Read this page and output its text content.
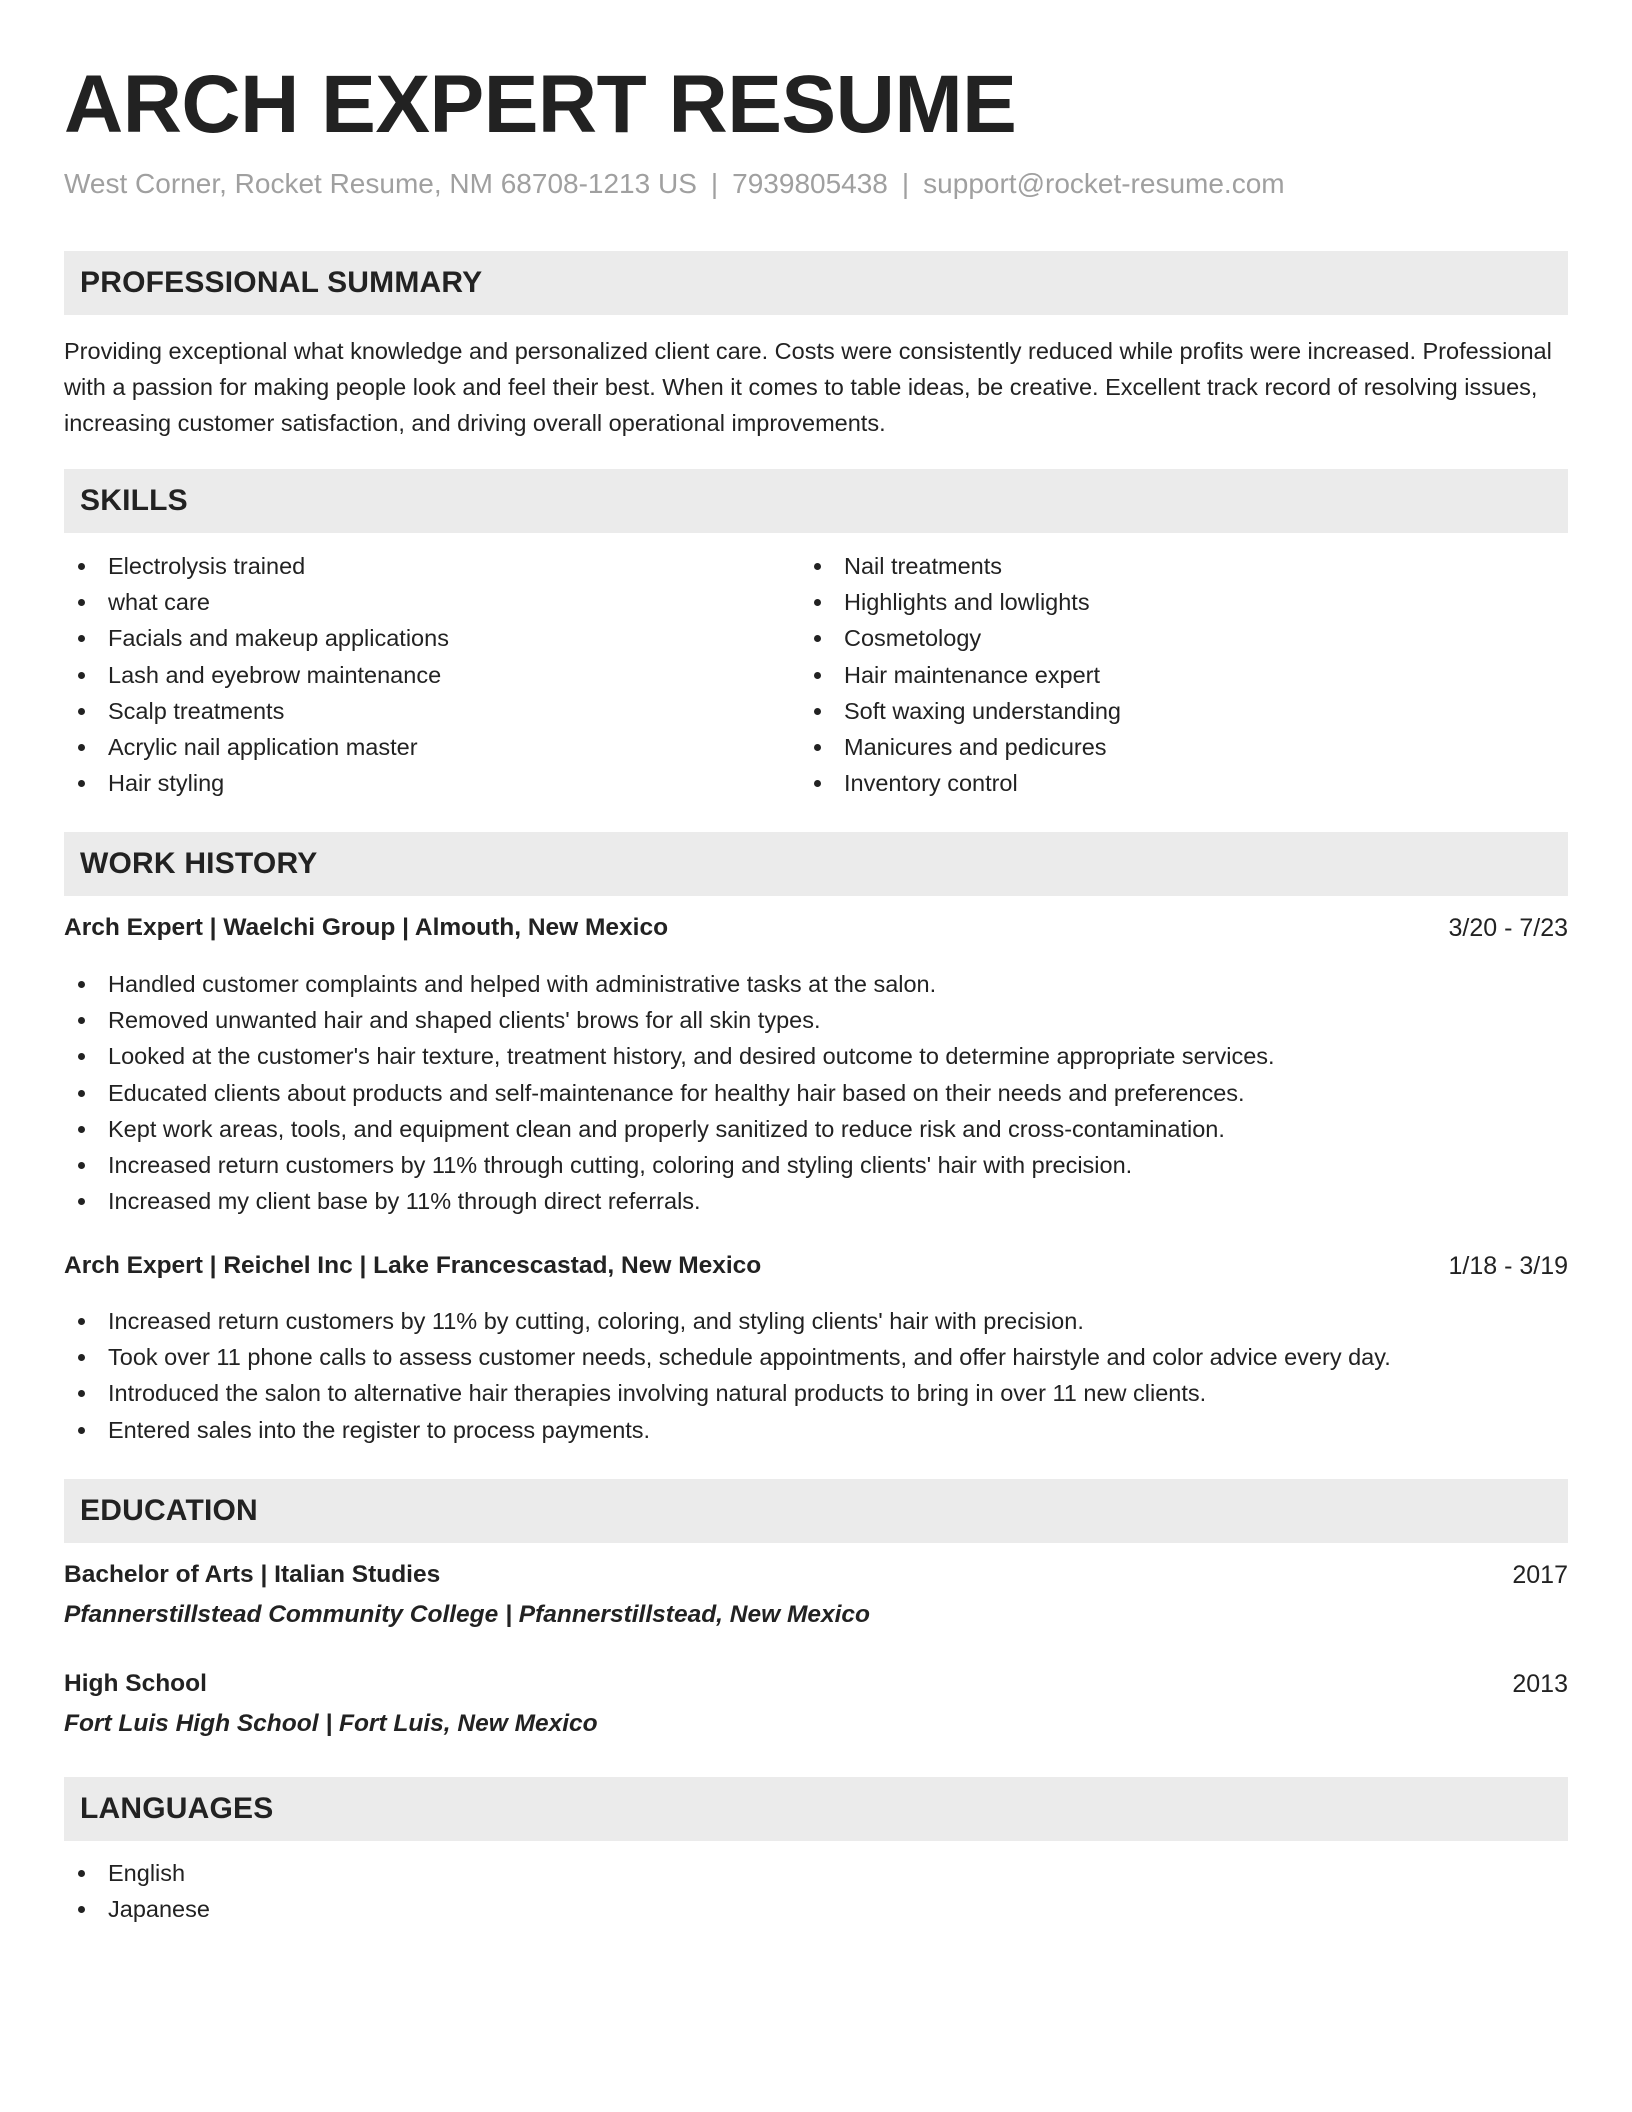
ARCH EXPERT RESUME
West Corner, Rocket Resume, NM 68708-1213 US | 7939805438 | support@rocket-resume.com
PROFESSIONAL SUMMARY
Providing exceptional what knowledge and personalized client care. Costs were consistently reduced while profits were increased. Professional with a passion for making people look and feel their best. When it comes to table ideas, be creative. Excellent track record of resolving issues, increasing customer satisfaction, and driving overall operational improvements.
SKILLS
Electrolysis trained
what care
Facials and makeup applications
Lash and eyebrow maintenance
Scalp treatments
Acrylic nail application master
Hair styling
Nail treatments
Highlights and lowlights
Cosmetology
Hair maintenance expert
Soft waxing understanding
Manicures and pedicures
Inventory control
WORK HISTORY
Arch Expert | Waelchi Group | Almouth, New Mexico	3/20 - 7/23
Handled customer complaints and helped with administrative tasks at the salon.
Removed unwanted hair and shaped clients' brows for all skin types.
Looked at the customer's hair texture, treatment history, and desired outcome to determine appropriate services.
Educated clients about products and self-maintenance for healthy hair based on their needs and preferences.
Kept work areas, tools, and equipment clean and properly sanitized to reduce risk and cross-contamination.
Increased return customers by 11% through cutting, coloring and styling clients' hair with precision.
Increased my client base by 11% through direct referrals.
Arch Expert | Reichel Inc | Lake Francescastad, New Mexico	1/18 - 3/19
Increased return customers by 11% by cutting, coloring, and styling clients' hair with precision.
Took over 11 phone calls to assess customer needs, schedule appointments, and offer hairstyle and color advice every day.
Introduced the salon to alternative hair therapies involving natural products to bring in over 11 new clients.
Entered sales into the register to process payments.
EDUCATION
Bachelor of Arts | Italian Studies	2017
Pfannerstillstead Community College | Pfannerstillstead, New Mexico
High School	2013
Fort Luis High School | Fort Luis, New Mexico
LANGUAGES
English
Japanese
